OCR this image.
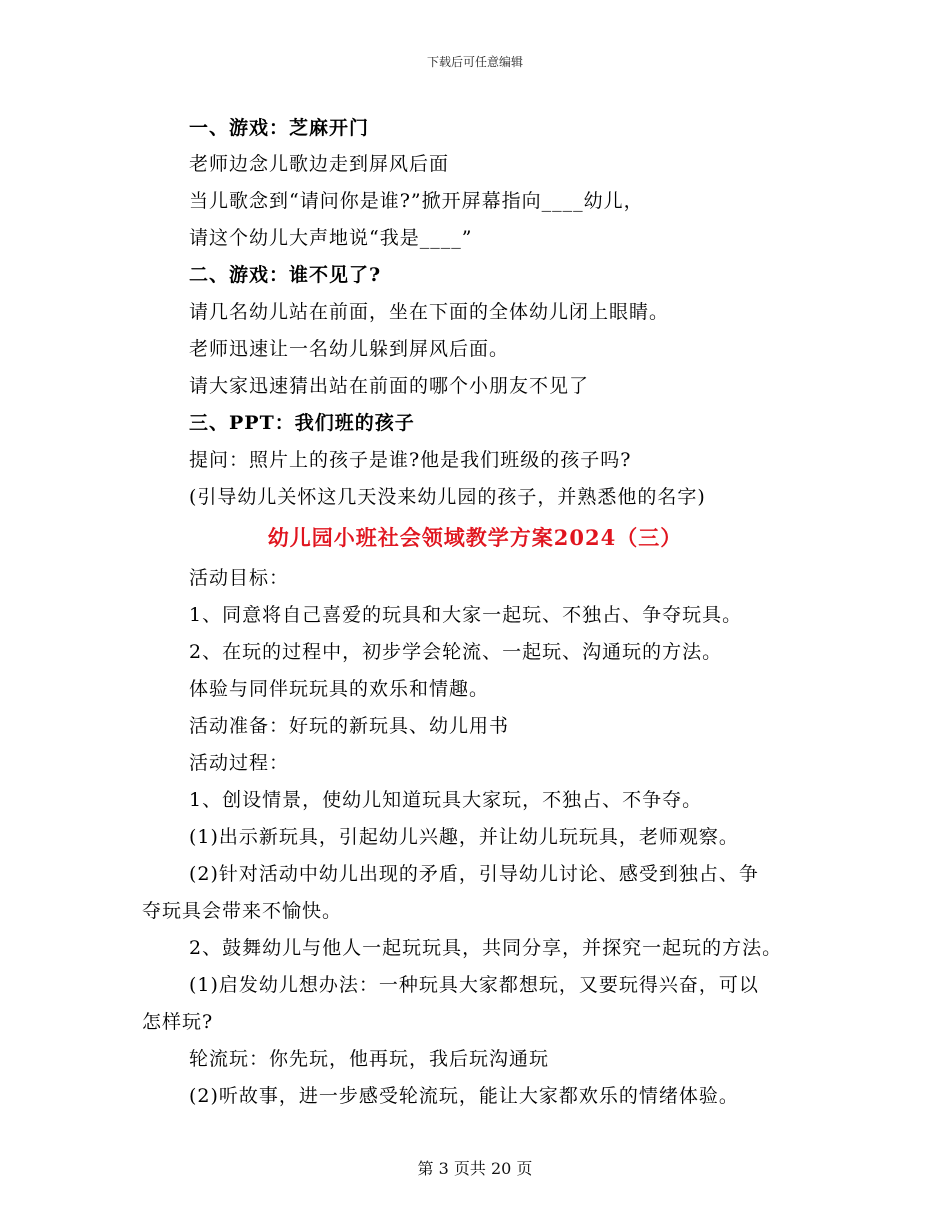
下载后可任意编辑
一、游戏：芝麻开门
老师边念儿歌边走到屏风后面
当儿歌念到“请问你是谁?”掀开屏幕指向____幼儿，
请这个幼儿大声地说“我是____”
二、游戏：谁不见了?
请几名幼儿站在前面，坐在下面的全体幼儿闭上眼睛。
老师迅速让一名幼儿躲到屏风后面。
请大家迅速猜出站在前面的哪个小朋友不见了
三、PPT：我们班的孩子
提问：照片上的孩子是谁?他是我们班级的孩子吗?
(引导幼儿关怀这几天没来幼儿园的孩子，并熟悉他的名字)
幼儿园小班社会领域教学方案2024（三）
活动目标：
1、同意将自己喜爱的玩具和大家一起玩、不独占、争夺玩具。
2、在玩的过程中，初步学会轮流、一起玩、沟通玩的方法。
体验与同伴玩玩具的欢乐和情趣。
活动准备：好玩的新玩具、幼儿用书
活动过程：
1、创设情景，使幼儿知道玩具大家玩，不独占、不争夺。
(1)出示新玩具，引起幼儿兴趣，并让幼儿玩玩具，老师观察。
(2)针对活动中幼儿出现的矛盾，引导幼儿讨论、感受到独占、争
夺玩具会带来不愉快。
2、鼓舞幼儿与他人一起玩玩具，共同分享，并探究一起玩的方法。
(1)启发幼儿想办法：一种玩具大家都想玩，又要玩得兴奋，可以
怎样玩?
轮流玩：你先玩，他再玩，我后玩沟通玩
(2)听故事，进一步感受轮流玩，能让大家都欢乐的情绪体验。
第 3 页共 20 页
